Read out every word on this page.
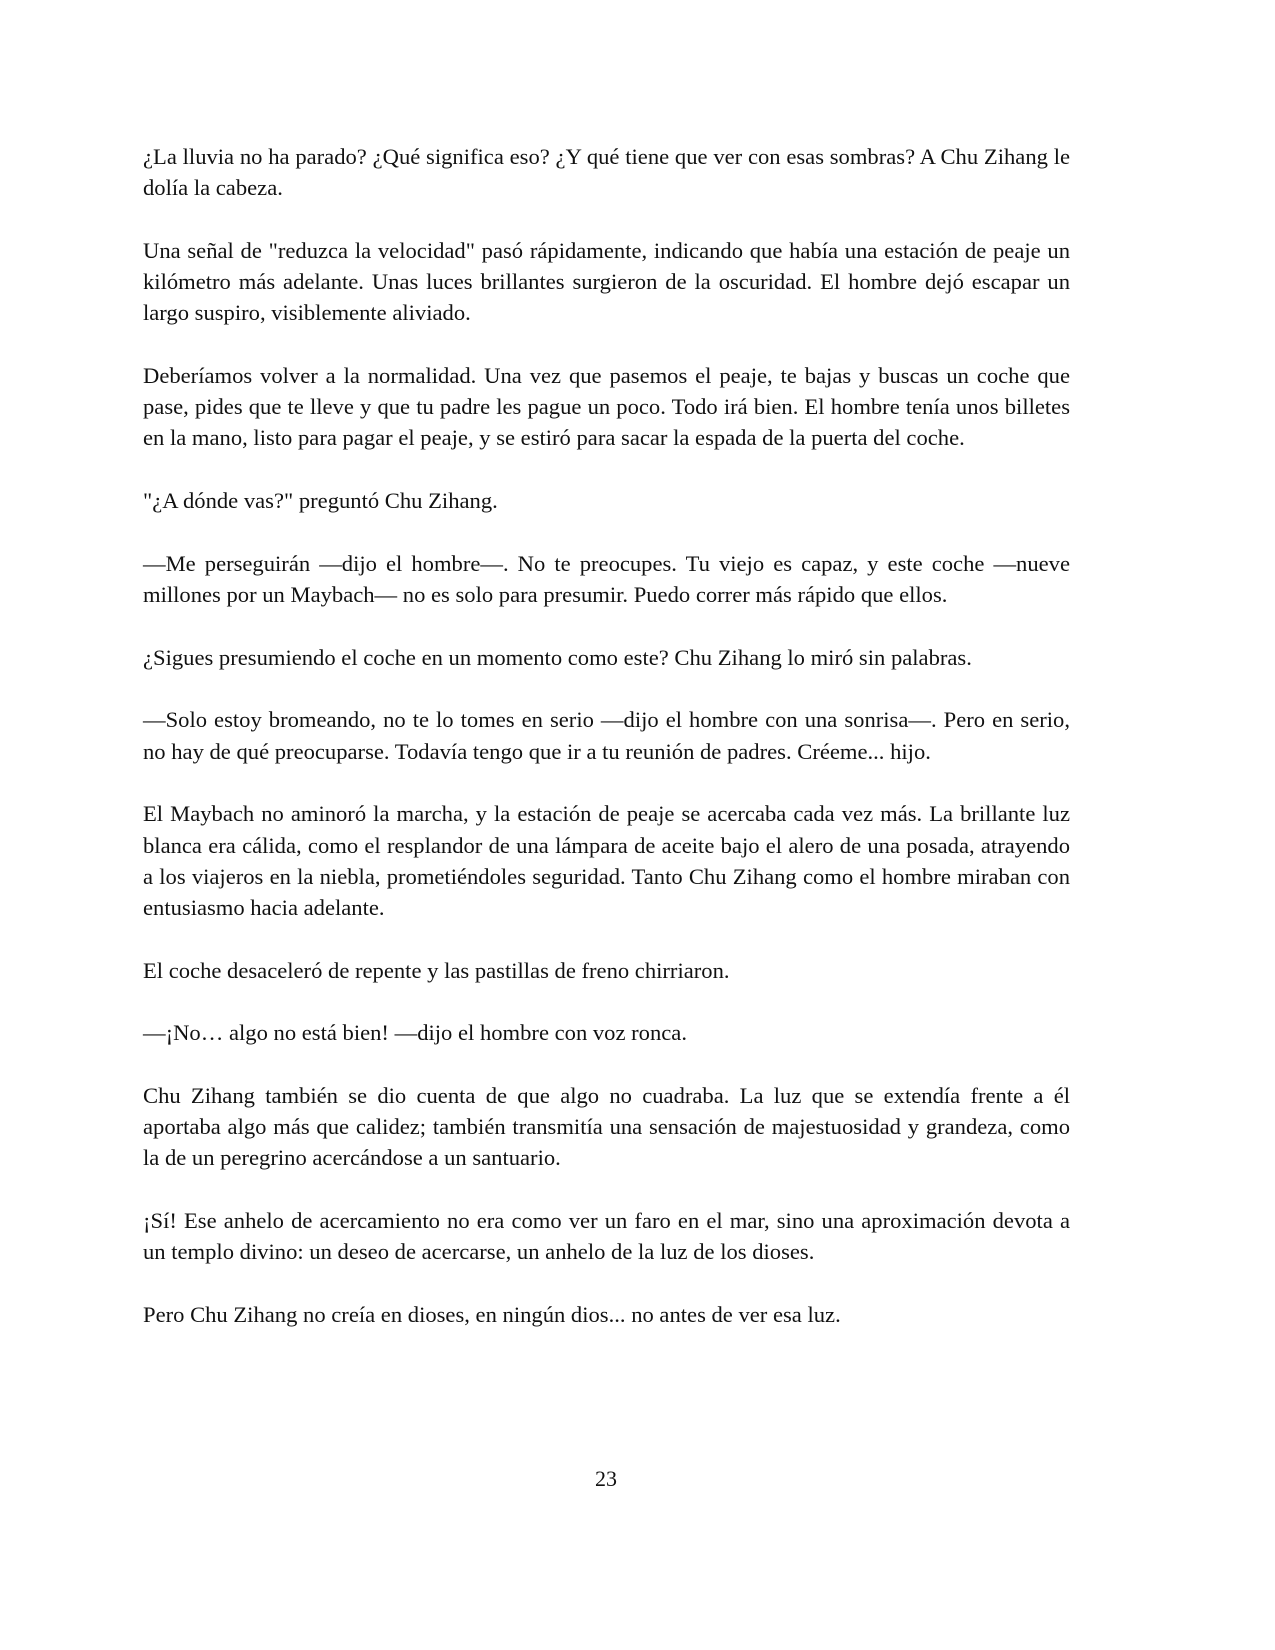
¿La lluvia no ha parado? ¿Qué significa eso? ¿Y qué tiene que ver con esas sombras? A Chu Zihang le dolía la cabeza.

Una señal de "reduzca la velocidad" pasó rápidamente, indicando que había una estación de peaje un kilómetro más adelante. Unas luces brillantes surgieron de la oscuridad. El hombre dejó escapar un largo suspiro, visiblemente aliviado.

Deberíamos volver a la normalidad. Una vez que pasemos el peaje, te bajas y buscas un coche que pase, pides que te lleve y que tu padre les pague un poco. Todo irá bien. El hombre tenía unos billetes en la mano, listo para pagar el peaje, y se estiró para sacar la espada de la puerta del coche.

"¿A dónde vas?" preguntó Chu Zihang.

—Me perseguirán —dijo el hombre—. No te preocupes. Tu viejo es capaz, y este coche —nueve millones por un Maybach— no es solo para presumir. Puedo correr más rápido que ellos.

¿Sigues presumiendo el coche en un momento como este? Chu Zihang lo miró sin palabras.

—Solo estoy bromeando, no te lo tomes en serio —dijo el hombre con una sonrisa—. Pero en serio, no hay de qué preocuparse. Todavía tengo que ir a tu reunión de padres. Créeme... hijo.

El Maybach no aminoró la marcha, y la estación de peaje se acercaba cada vez más. La brillante luz blanca era cálida, como el resplandor de una lámpara de aceite bajo el alero de una posada, atrayendo a los viajeros en la niebla, prometiéndoles seguridad. Tanto Chu Zihang como el hombre miraban con entusiasmo hacia adelante.

El coche desaceleró de repente y las pastillas de freno chirriaron.

—¡No… algo no está bien! —dijo el hombre con voz ronca.

Chu Zihang también se dio cuenta de que algo no cuadraba. La luz que se extendía frente a él aportaba algo más que calidez; también transmitía una sensación de majestuosidad y grandeza, como la de un peregrino acercándose a un santuario.

¡Sí! Ese anhelo de acercamiento no era como ver un faro en el mar, sino una aproximación devota a un templo divino: un deseo de acercarse, un anhelo de la luz de los dioses.

Pero Chu Zihang no creía en dioses, en ningún dios... no antes de ver esa luz.

23
